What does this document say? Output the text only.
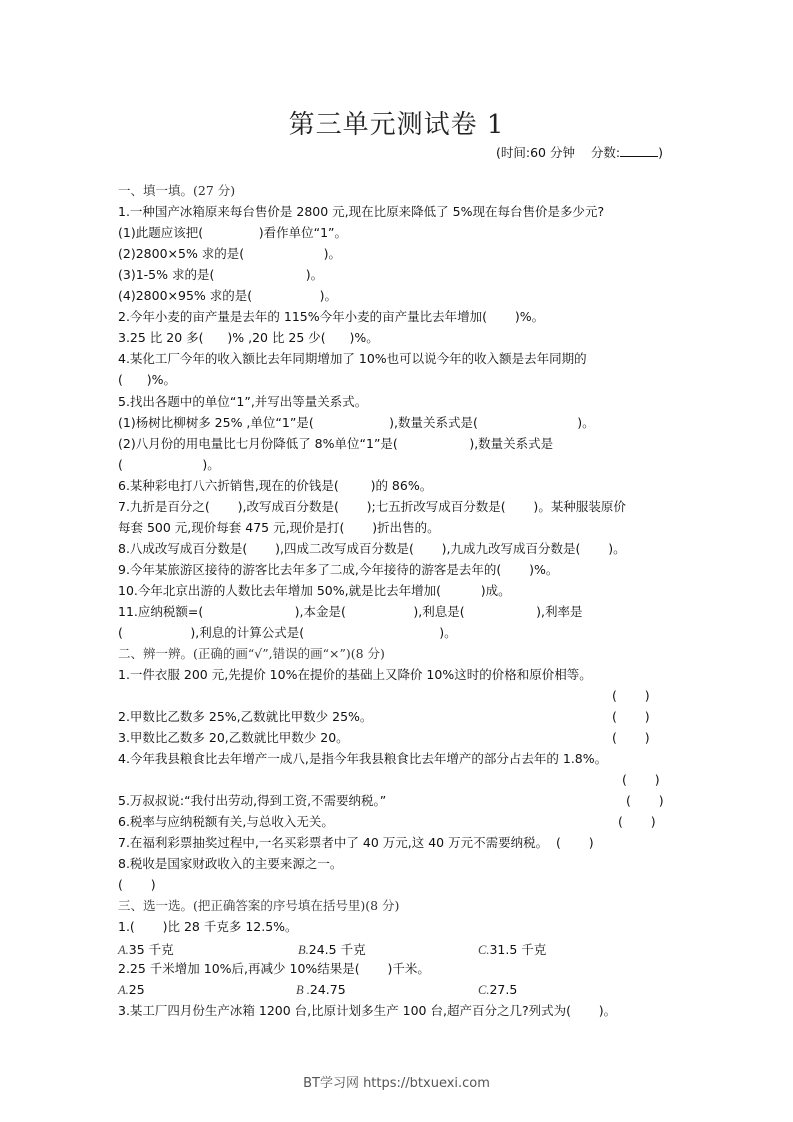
第三单元测试卷 1
(时间:60 分钟    分数:	)
一、填一填。(27 分)
1.一种国产冰箱原来每台售价是 2800 元,现在比原来降低了 5%现在每台售价是多少元?
(1)此题应该把(              )看作单位“1”。
(2)2800×5% 求的是(                    )。
(3)1-5% 求的是(                       )。
(4)2800×95% 求的是(                 )。
2.今年小麦的亩产量是去年的 115%今年小麦的亩产量比去年增加(       )%。
3.25 比 20 多(      )% ,20 比 25 少(      )%。
4.某化工厂今年的收入额比去年同期增加了 10%也可以说今年的收入额是去年同期的
(      )%。
5.找出各题中的单位“1”,并写出等量关系式。
(1)杨树比柳树多 25% ,单位“1”是(                   ),数量关系式是(                         )。
(2)八月份的用电量比七月份降低了 8%单位“1”是(                  ),数量关系式是
(                    )。
6.某种彩电打八六折销售,现在的价钱是(        )的 86%。
7.九折是百分之(       ),改写成百分数是(       );七五折改写成百分数是(       )。某种服装原价
每套 500 元,现价每套 475 元,现价是打(       )折出售的。
8.八成改写成百分数是(       ),四成二改写成百分数是(       ),九成九改写成百分数是(       )。
9.今年某旅游区接待的游客比去年多了二成,今年接待的游客是去年的(       )%。
10.今年北京出游的人数比去年增加 50%,就是比去年增加(          )成。
11.应纳税额=(                       ),本金是(                 ),利息是(                  ),利率是
(                 ),利息的计算公式是(                                  )。
二、辨一辨。(正确的画“√”,错误的画“×”)(8 分)
1.一件衣服 200 元,先提价 10%在提价的基础上又降价 10%这时的价格和原价相等。
2.甲数比乙数多 25%,乙数就比甲数少 25%。
3.甲数比乙数多 20,乙数就比甲数少 20。
4.今年我县粮食比去年增产一成八,是指今年我县粮食比去年增产的部分占去年的 1.8%。
5.万叔叔说:“我付出劳动,得到工资,不需要纳税。”
6.税率与应纳税额有关,与总收入无关。
7.在福利彩票抽奖过程中,一名买彩票者中了 40 万元,这 40 万元不需要纳税。  (       )
8.税收是国家财政收入的主要来源之一。
(       )
三、选一选。(把正确答案的序号填在括号里)(8 分)
1.(       )比 28 千克多 12.5%。
2.25 千米增加 10%后,再减少 10%结果是(       )千米。
3.某工厂四月份生产冰箱 1200 台,比原计划多生产 100 台,超产百分之几?列式为(       )。
(       )
(       )
(       )
(       )
(       )
(       )
A.35 千克	B.24.5 千克	C.31.5 千克
A.25	B .24.75	C.27.5
BT学习网 https://btxuexi.com
